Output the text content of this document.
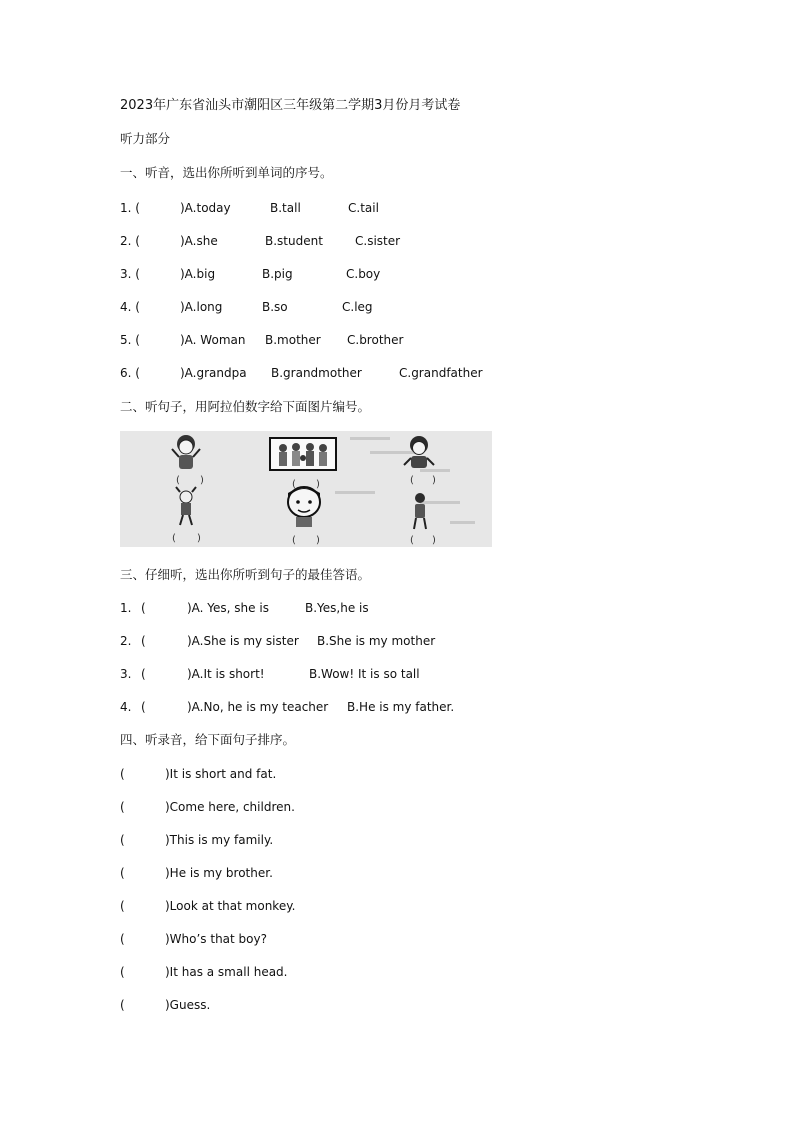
2023年广东省汕头市潮阳区三年级第二学期3月份月考试卷
听力部分
一、听音，选出你所听到单词的序号。
1. (	)A.today	B.tall	C.tail
2. (	)A.she	B.student	C.sister
3. (	)A.big	B.pig	C.boy
4. (	)A.long	B.so	C.leg
5. (	)A. Woman B.mother C.brother
6. (	)A.grandpa B.grandmother	C.grandfather
二、听句子，用阿拉伯数字给下面图片编号。
( )	( )	( )
( )	( )	( )
三、仔细听，选出你所听到句子的最佳答语。
1. (	)A. Yes, she is	B.Yes,he is
2. (	)A.She is my sister B.She is my mother
3. (	)A.It is short!	B.Wow! It is so tall
4. (	)A.No, he is my teacher B.He is my father.
四、听录音，给下面句子排序。
(	)It is short and fat.
(	)Come here, children.
(	)This is my family.
(	)He is my brother.
(	)Look at that monkey.
(	)Who’s that boy?
(	)It has a small head.
(	)Guess.
